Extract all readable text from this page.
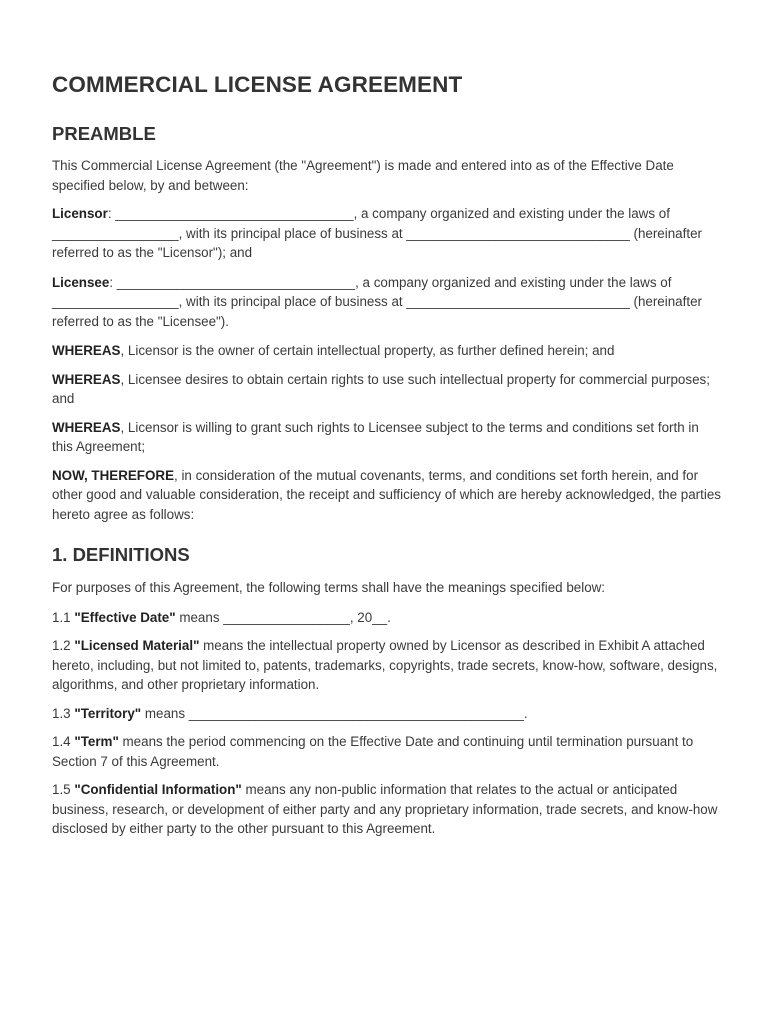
COMMERCIAL LICENSE AGREEMENT
PREAMBLE

This Commercial License Agreement (the "Agreement") is made and entered into as of the Effective Date specified below, by and between:

Licensor: ________________________________, a company organized and existing under the laws of _________________, with its principal place of business at ______________________________ (hereinafter referred to as the "Licensor"); and

Licensee: ________________________________, a company organized and existing under the laws of _________________, with its principal place of business at ______________________________ (hereinafter referred to as the "Licensee").

WHEREAS, Licensor is the owner of certain intellectual property, as further defined herein; and

WHEREAS, Licensee desires to obtain certain rights to use such intellectual property for commercial purposes; and

WHEREAS, Licensor is willing to grant such rights to Licensee subject to the terms and conditions set forth in this Agreement;

NOW, THEREFORE, in consideration of the mutual covenants, terms, and conditions set forth herein, and for other good and valuable consideration, the receipt and sufficiency of which are hereby acknowledged, the parties hereto agree as follows:

1. DEFINITIONS

For purposes of this Agreement, the following terms shall have the meanings specified below:

1.1 "Effective Date" means _________________, 20__.

1.2 "Licensed Material" means the intellectual property owned by Licensor as described in Exhibit A attached hereto, including, but not limited to, patents, trademarks, copyrights, trade secrets, know-how, software, designs, algorithms, and other proprietary information.

1.3 "Territory" means _____________________________________________.

1.4 "Term" means the period commencing on the Effective Date and continuing until termination pursuant to Section 7 of this Agreement.

1.5 "Confidential Information" means any non-public information that relates to the actual or anticipated business, research, or development of either party and any proprietary information, trade secrets, and know-how disclosed by either party to the other pursuant to this Agreement.
